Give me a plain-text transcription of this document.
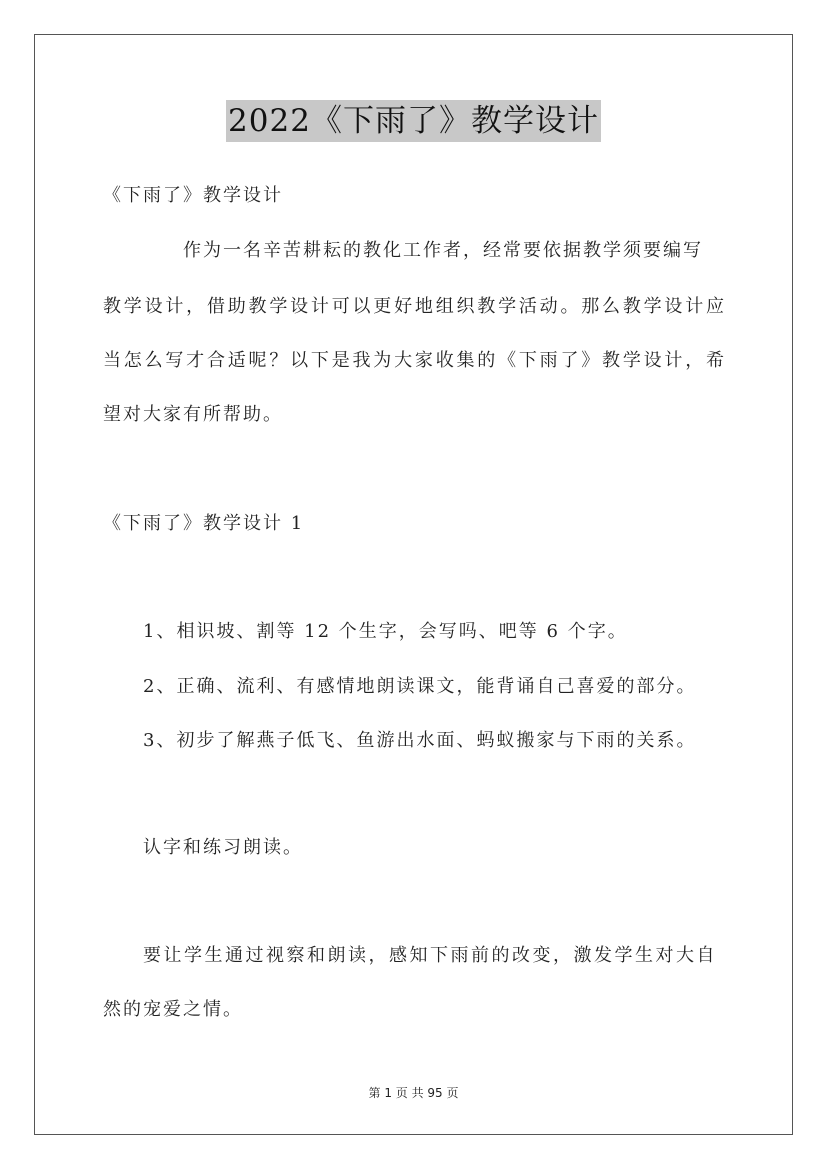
2022《下雨了》教学设计
《下雨了》教学设计
作为一名辛苦耕耘的教化工作者，经常要依据教学须要编写
教学设计，借助教学设计可以更好地组织教学活动。那么教学设计应
当怎么写才合适呢？以下是我为大家收集的《下雨了》教学设计，希
望对大家有所帮助。
《下雨了》教学设计 1
1、相识坡、割等 12 个生字，会写吗、吧等 6 个字。
2、正确、流利、有感情地朗读课文，能背诵自己喜爱的部分。
3、初步了解燕子低飞、鱼游出水面、蚂蚁搬家与下雨的关系。
认字和练习朗读。
要让学生通过视察和朗读，感知下雨前的改变，激发学生对大自
然的宠爱之情。
第 1 页 共 95 页
